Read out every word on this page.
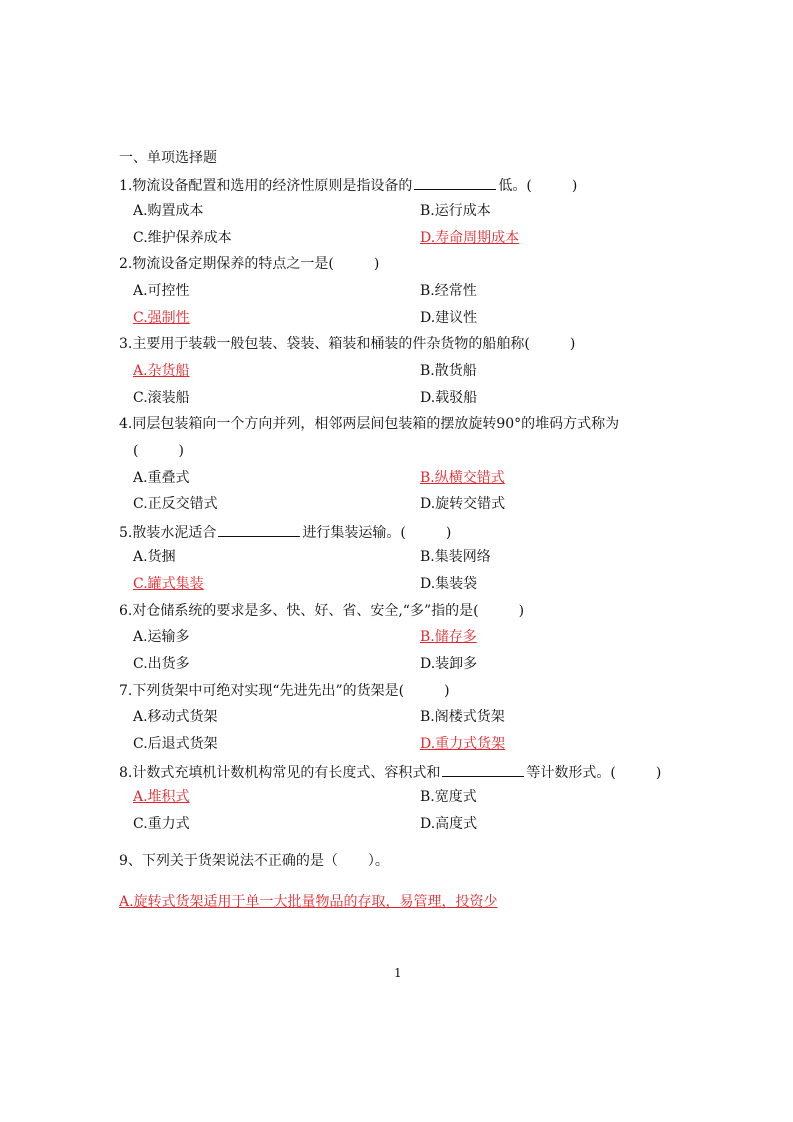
一、单项选择题
1.物流设备配置和选用的经济性原则是指设备的	低。(	)
A.购置成本	B.运行成本
C.维护保养成本	D.寿命周期成本
2.物流设备定期保养的特点之一是(	)
A.可控性	B.经常性
C.强制性	D.建议性
3.主要用于装载一般包装、袋装、箱装和桶装的件杂货物的船舶称(	)
A.杂货船	B.散货船
C.滚装船	D.载驳船
4.同层包装箱向一个方向并列，相邻两层间包装箱的摆放旋转90°的堆码方式称为
(	)
A.重叠式	B.纵横交错式
C.正反交错式	D.旋转交错式
5.散装水泥适合	进行集装运输。(	)
A.货捆	B.集装网络
C.罐式集装	D.集装袋
6.对仓储系统的要求是多、快、好、省、安全,“多”指的是(	)
A.运输多	B.储存多
C.出货多	D.装卸多
7.下列货架中可绝对实现“先进先出”的货架是(	)
A.移动式货架	B.阁楼式货架
C.后退式货架	D.重力式货架
8.计数式充填机计数机构常见的有长度式、容积式和	等计数形式。(	)
A.堆积式	B.宽度式
C.重力式	D.高度式
9、下列关于货架说法不正确的是（ ）。
A.旋转式货架适用于单一大批量物品的存取，易管理，投资少
1
